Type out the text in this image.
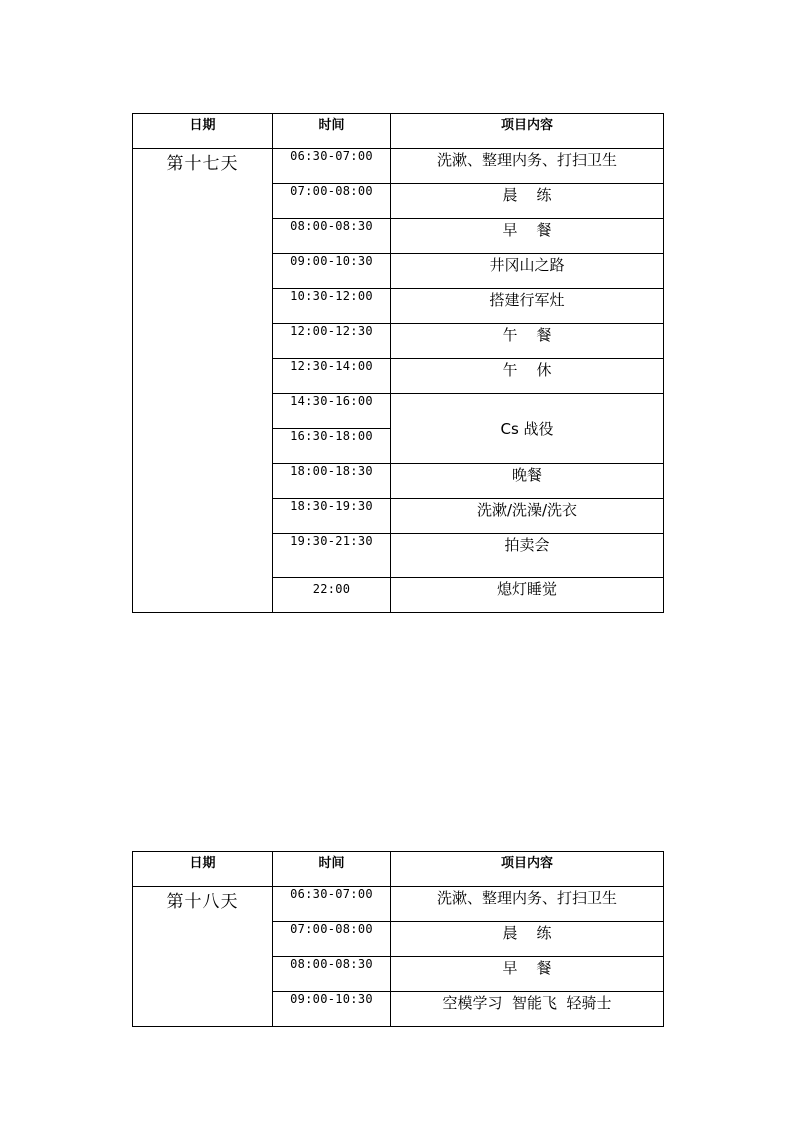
日期	时间	项目内容
第十七天	06:30-07:00	洗漱、整理内务、打扫卫生
	07:00-08:00	晨    练
	08:00-08:30	早    餐
	09:00-10:30	井冈山之路
	10:30-12:00	搭建行军灶
	12:00-12:30	午    餐
	12:30-14:00	午    休
	14:30-16:00	Cs 战役
	16:30-18:00	
	18:00-18:30	晚餐
	18:30-19:30	洗漱/洗澡/洗衣
	19:30-21:30	拍卖会
	22:00	熄灯睡觉
日期	时间	项目内容
第十八天	06:30-07:00	洗漱、整理内务、打扫卫生
	07:00-08:00	晨    练
	08:00-08:30	早    餐
	09:00-10:30	空模学习  智能飞  轻骑士
